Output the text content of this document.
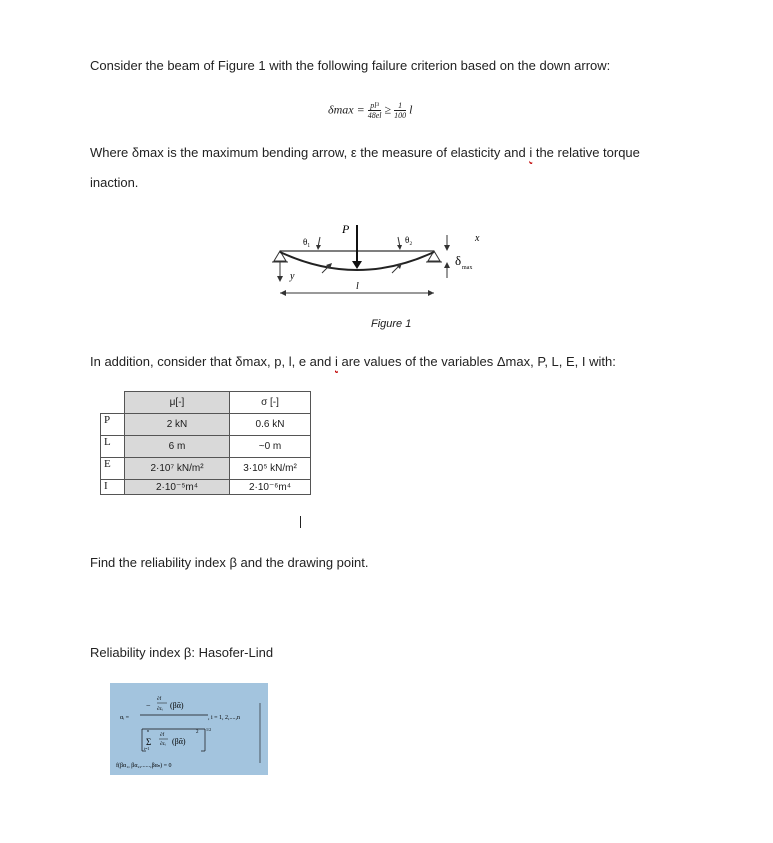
Consider the beam of Figure 1 with the following failure criterion based on the down arrow:
$\delta\max = \frac{\text{pl³}}{48el} \ge \frac{1}{100}$ l
Where δmax is the maximum bending arrow, ε the measure of elasticity and i the relative torque
inaction.
y
P
θ₁	θ₂
δ max
x
l
Figure 1
In addition, consider that δmax, p, l, e and i are values of the variables Δmax, P, L, E, I with:
	μ[-]	σ [-]
P	2 kN	0.6 kN
L	6 m	~0 m
E	2·10⁷ kN/m²	3·10⁵ kN/m²
I	2·10⁻⁵m⁴	2·10⁻⁶m⁴
Find the reliability index β and the drawing point.
Reliability index β: Hasofer-Lind
∂f
∂zᵢ
− (βᾱ)
αᵢ =	, i = 1, 2,....,n
Σ
n
i=1
∂f
∂zᵢ (βᾱ)
2
1/2
f(βα₁, βα₂,......,βαₙ) = 0
